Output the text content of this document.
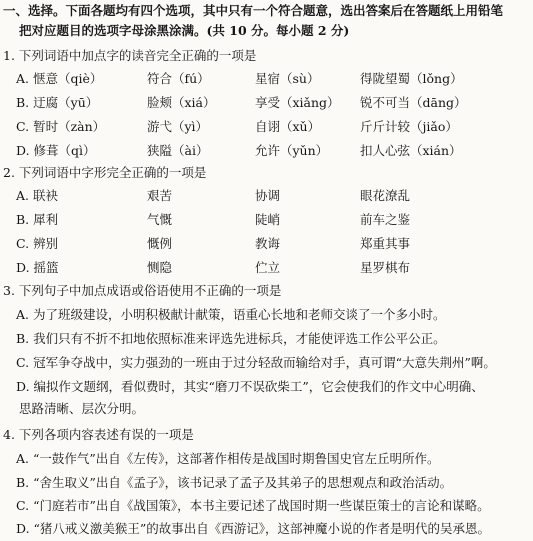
一、选择。下面各题均有四个选项，其中只有一个符合题意，选出答案后在答题纸上用铅笔
把对应题目的选项字母涂黑涂满。(共 10 分。每小题 2 分)
1. 下列词语中加点字的读音完全正确的一项是
A. 惬意（qiè）	符合（fú）	星宿（sù）	得陇望蜀（lǒng）
B. 迂腐（yū）	脸颊（xiá）	享受（xiǎng） 锐不可当（dāng）
C. 暂时（zàn）	游弋（yì）	自诩（xǔ）	斤斤计较（jiǎo）
D. 修葺（qì）	狭隘（ài）	允许（yǔn）	扣人心弦（xián）
2. 下列词语中字形完全正确的一项是
A. 联袂	艰苦	协调	眼花潦乱
B. 犀利	气慨	陡峭	前车之鉴
C. 辨别	慨例	教诲	郑重其事
D. 摇篮	恻隐	伫立	星罗棋布
3. 下列句子中加点成语或俗语使用不正确的一项是
A. 为了班级建设，小明积极献计献策，语重心长地和老师交谈了一个多小时。
B. 我们只有不折不扣地依照标准来评选先进标兵，才能使评选工作公平公正。
C. 冠军争夺战中，实力强劲的一班由于过分轻敌而输给对手，真可谓“大意失荆州”啊。
D. 编拟作文题纲，看似费时，其实“磨刀不误砍柴工”，它会使我们的作文中心明确、
思路清晰、层次分明。
4. 下列各项内容表述有误的一项是
A. “一鼓作气”出自《左传》，这部著作相传是战国时期鲁国史官左丘明所作。
B. “舍生取义”出自《孟子》，该书记录了孟子及其弟子的思想观点和政治活动。
C. “门庭若市”出自《战国策》，本书主要记述了战国时期一些谋臣策士的言论和谋略。
D. “猪八戒义激美猴王”的故事出自《西游记》，这部神魔小说的作者是明代的吴承恩。
